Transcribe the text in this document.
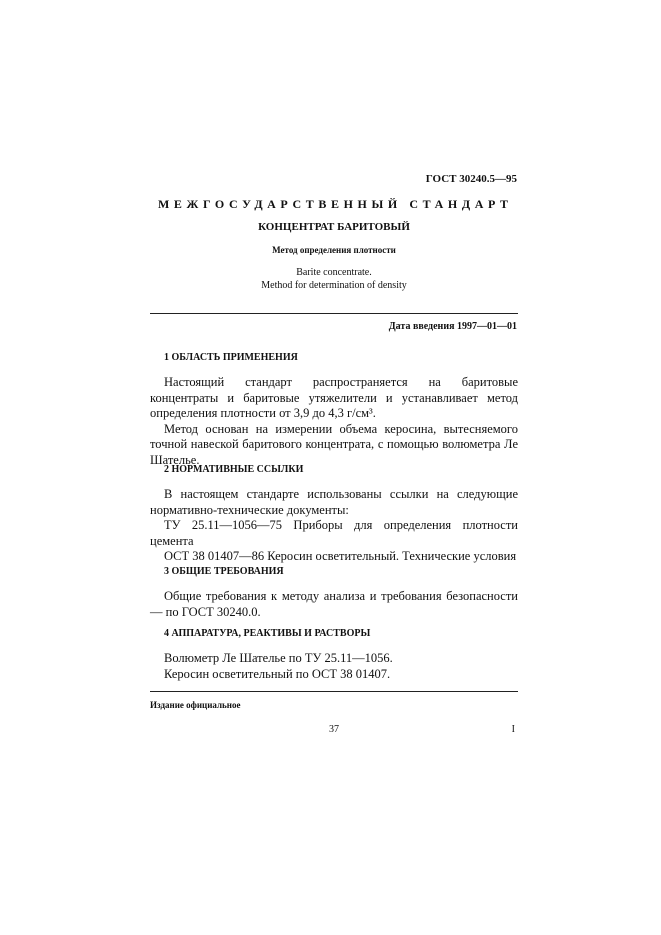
ГОСТ 30240.5—95
МЕЖГОСУДАРСТВЕННЫЙ СТАНДАРТ
КОНЦЕНТРАТ БАРИТОВЫЙ
Метод определения плотности
Barite concentrate.
Method for determination of density
Дата введения 1997—01—01
1 ОБЛАСТЬ ПРИМЕНЕНИЯ

Настоящий стандарт распространяется на баритовые концентраты и баритовые утяжелители и устанавливает метод определения плотности от 3,9 до 4,3 г/см³.

Метод основан на измерении объема керосина, вытесняемого точной навеской баритового концентрата, с помощью волюметра Ле Шателье.

2 НОРМАТИВНЫЕ ССЫЛКИ

В настоящем стандарте использованы ссылки на следующие нормативно-технические документы:

ТУ 25.11—1056—75 Приборы для определения плотности цемента

ОСТ 38 01407—86 Керосин осветительный. Технические условия

3 ОБЩИЕ ТРЕБОВАНИЯ

Общие требования к методу анализа и требования безопасности — по ГОСТ 30240.0.

4 АППАРАТУРА, РЕАКТИВЫ И РАСТВОРЫ

Волюметр Ле Шателье по ТУ 25.11—1056.

Керосин осветительный по ОСТ 38 01407.

Издание официальное
37	I
